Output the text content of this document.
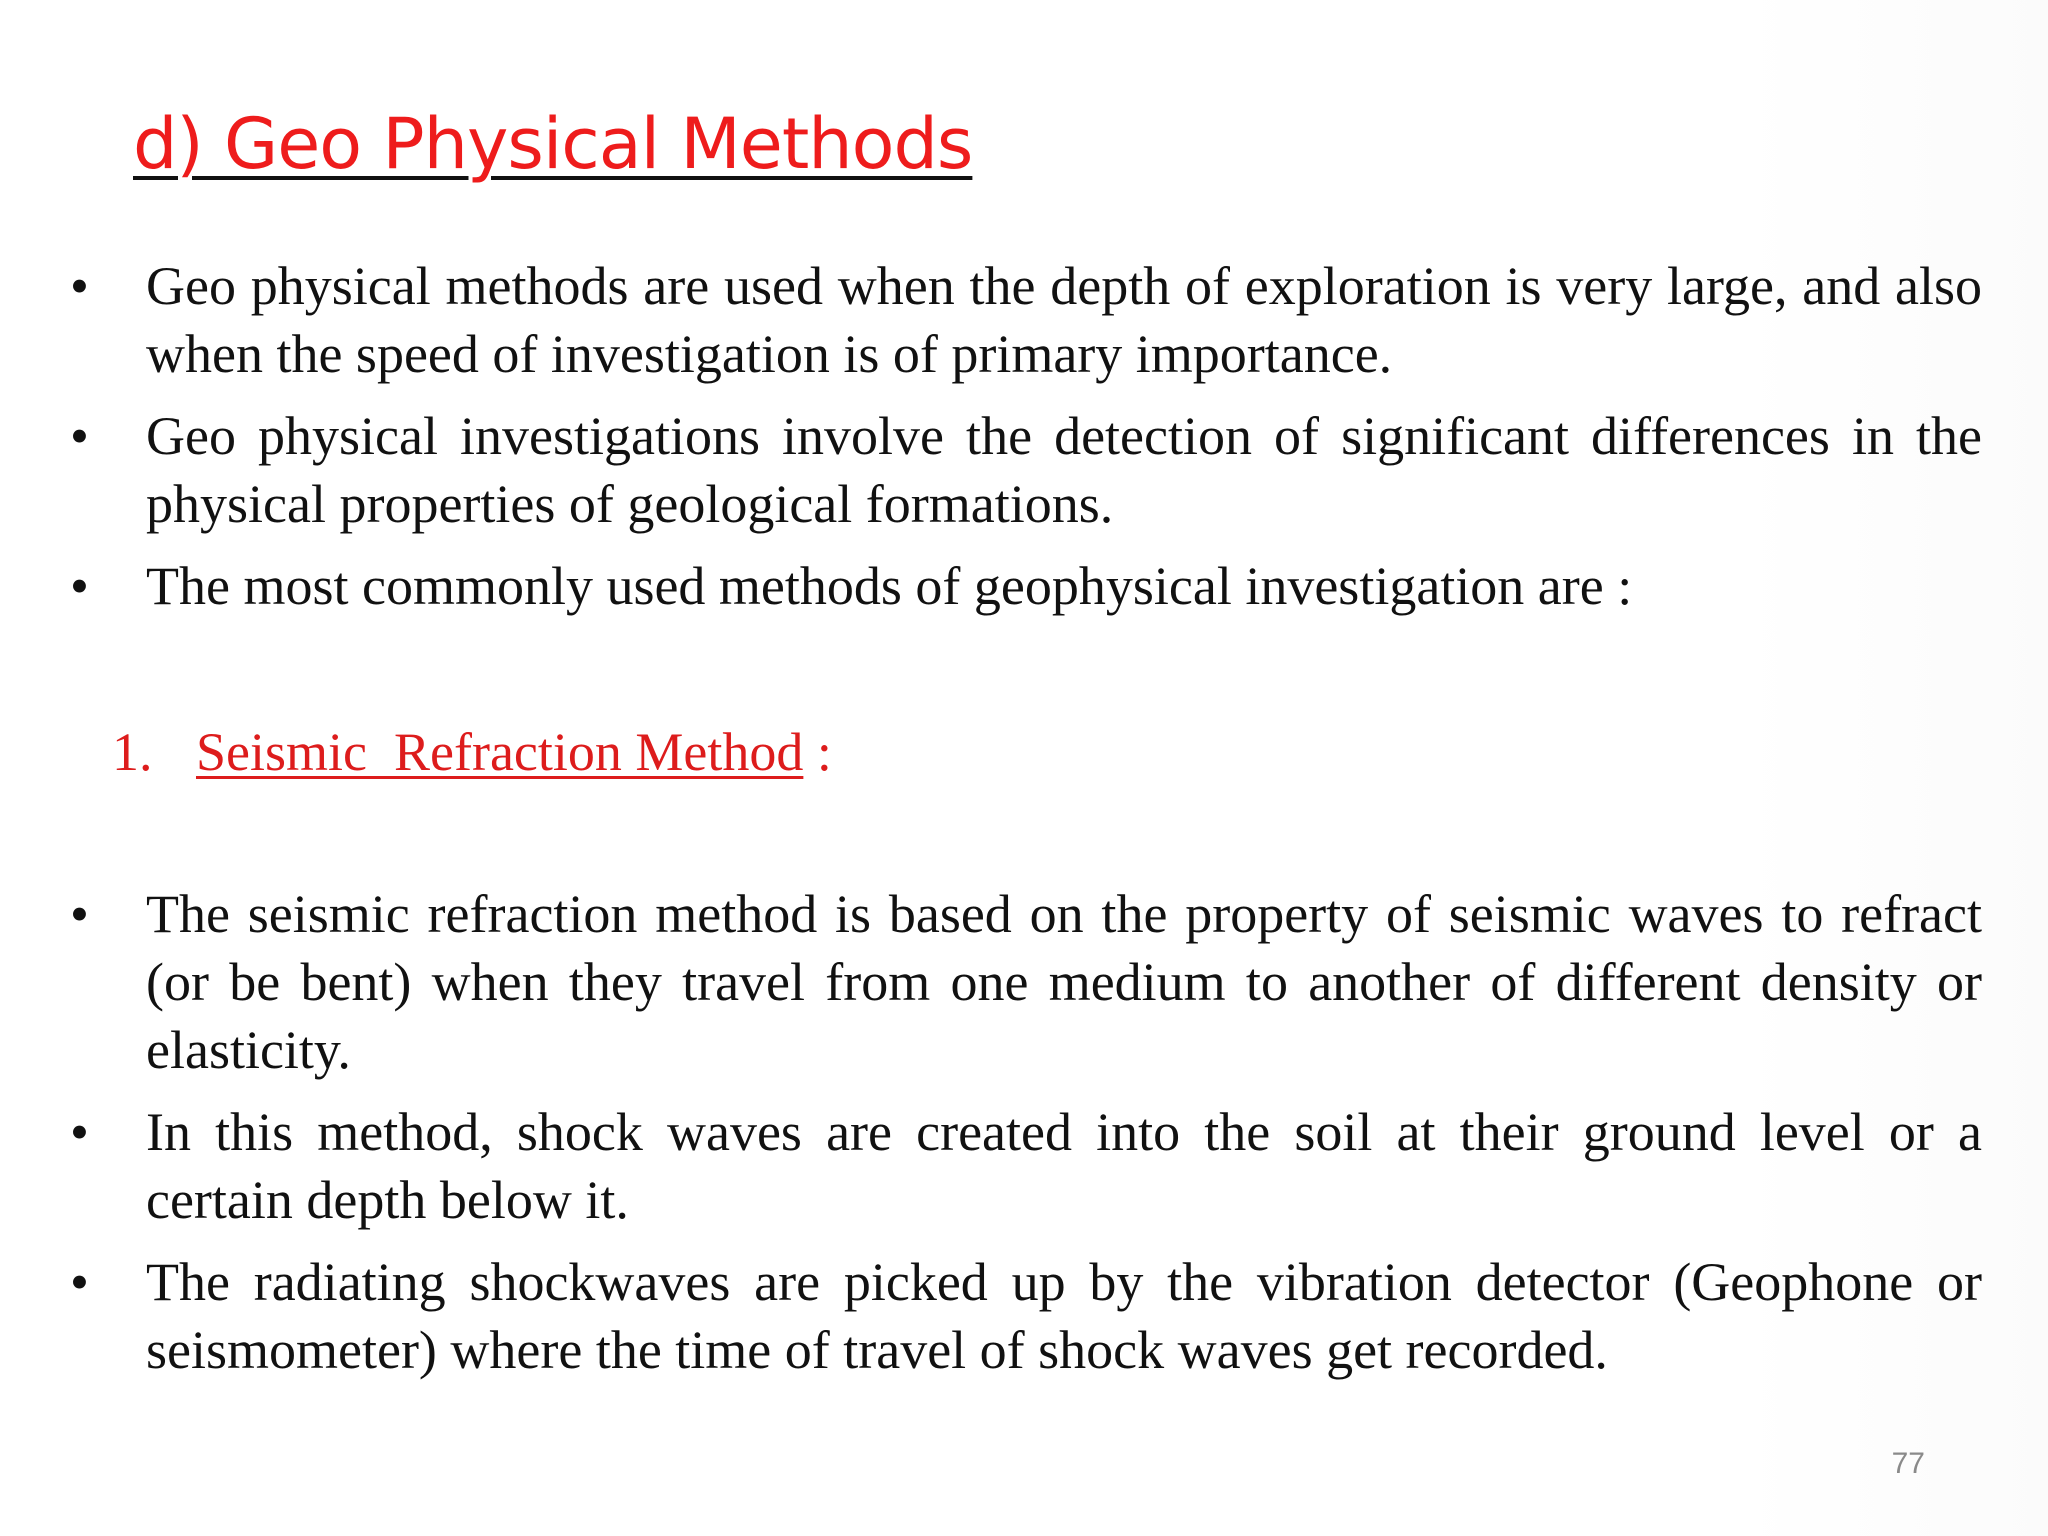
d) Geo Physical Methods
• Geo physical methods are used when the depth of exploration is very large, and also when the speed of investigation is of primary importance.
• Geo physical investigations involve the detection of significant differences in the physical properties of geological formations.
• The most commonly used methods of geophysical investigation are :
1. Seismic  Refraction Method :
• The seismic refraction method is based on the property of seismic waves to refract (or be bent) when they travel from one medium to another of different density or elasticity.
• In this method, shock waves are created into the soil at their ground level or a certain depth below it.
• The radiating shockwaves are picked up by the vibration detector (Geophone or seismometer) where the time of travel of shock waves get recorded.
77
